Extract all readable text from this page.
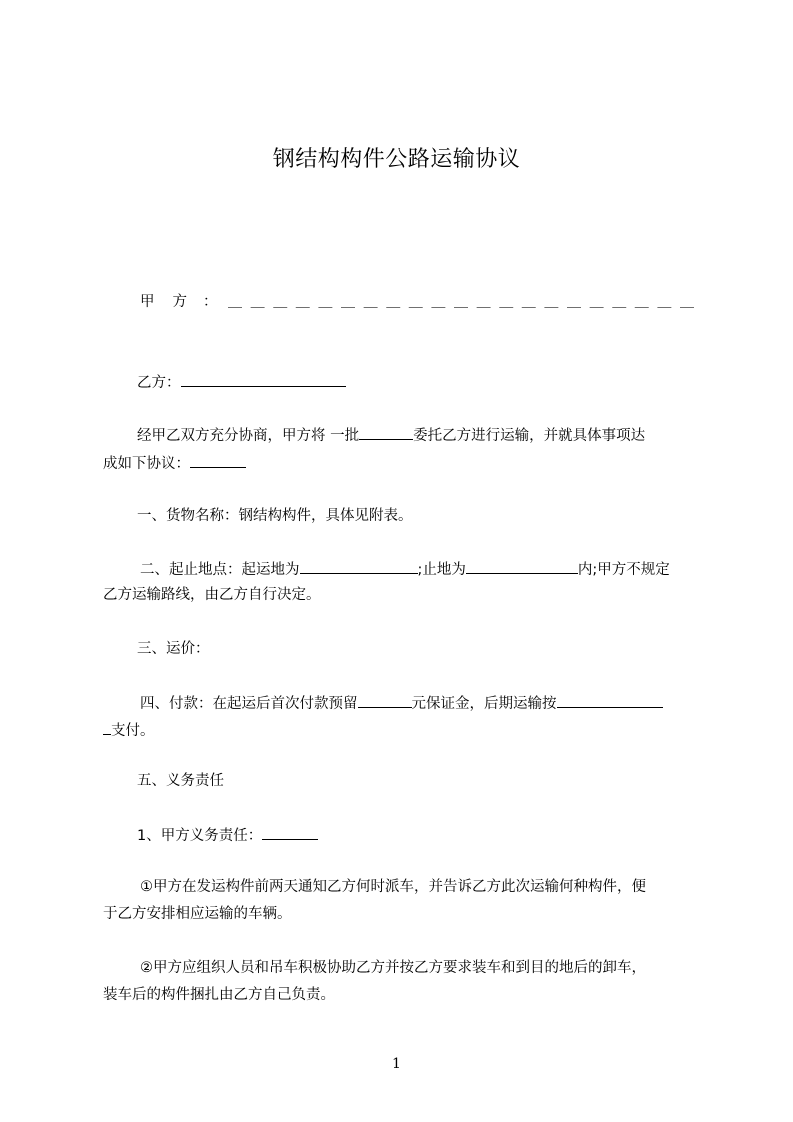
钢结构构件公路运输协议
甲 方 ： ＿＿＿＿＿＿＿＿＿＿＿＿＿＿＿＿＿＿＿＿＿
乙方：
经甲乙双方充分协商，甲方将 一批	委托乙方进行运输，并就具体事项达
成如下协议：
一、货物名称：钢结构构件，具体见附表。
二、起止地点：起运地为	;止地为	内;甲方不规定
乙方运输路线，由乙方自行决定。
三、运价：
四、付款：在起运后首次付款预留	元保证金，后期运输按
支付。
五、义务责任
1、甲方义务责任：
①甲方在发运构件前两天通知乙方何时派车，并告诉乙方此次运输何种构件，便
于乙方安排相应运输的车辆。
②甲方应组织人员和吊车积极协助乙方并按乙方要求装车和到目的地后的卸车，
装车后的构件捆扎由乙方自己负责。
1
